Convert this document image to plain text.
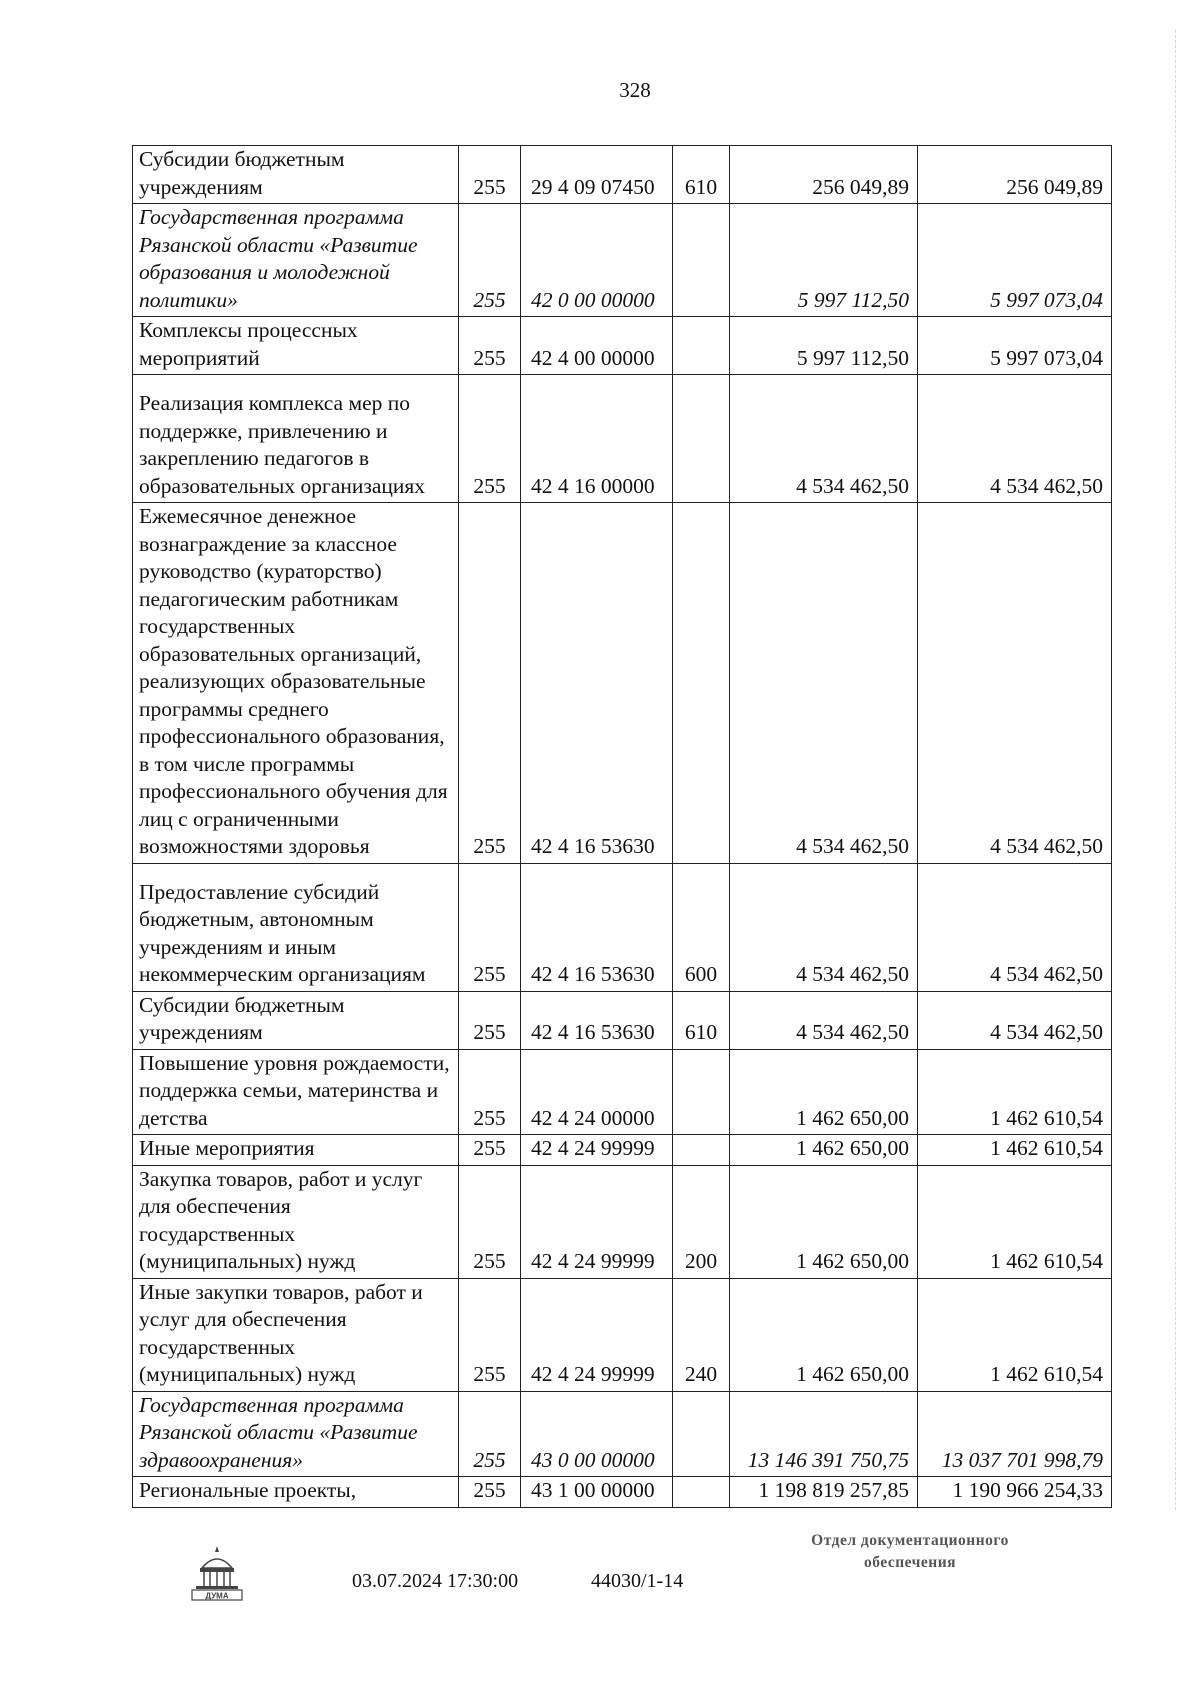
328
Субсидии бюджетным учреждениям	255	29 4 09 07450	610	256 049,89	256 049,89
Государственная программа Рязанской области «Развитие образования и молодежной политики»	255	42 0 00 00000		5 997 112,50	5 997 073,04
Комплексы процессных мероприятий	255	42 4 00 00000		5 997 112,50	5 997 073,04
Реализация комплекса мер по поддержке, привлечению и закреплению педагогов в образовательных организациях	255	42 4 16 00000		4 534 462,50	4 534 462,50
Ежемесячное денежное вознаграждение за классное руководство (кураторство) педагогическим работникам государственных образовательных организаций, реализующих образовательные программы среднего профессионального образования, в том числе программы профессионального обучения для лиц с ограниченными возможностями здоровья	255	42 4 16 53630		4 534 462,50	4 534 462,50
Предоставление субсидий бюджетным, автономным учреждениям и иным некоммерческим организациям	255	42 4 16 53630	600	4 534 462,50	4 534 462,50
Субсидии бюджетным учреждениям	255	42 4 16 53630	610	4 534 462,50	4 534 462,50
Повышение уровня рождаемости, поддержка семьи, материнства и детства	255	42 4 24 00000		1 462 650,00	1 462 610,54
Иные мероприятия	255	42 4 24 99999		1 462 650,00	1 462 610,54
Закупка товаров, работ и услуг для обеспечения государственных (муниципальных) нужд	255	42 4 24 99999	200	1 462 650,00	1 462 610,54
Иные закупки товаров, работ и услуг для обеспечения государственных (муниципальных) нужд	255	42 4 24 99999	240	1 462 650,00	1 462 610,54
Государственная программа Рязанской области «Развитие здравоохранения»	255	43 0 00 00000		13 146 391 750,75	13 037 701 998,79
Региональные проекты,	255	43 1 00 00000		1 198 819 257,85	1 190 966 254,33
ДУМА
03.07.2024 17:30:00	44030/1-14
Отдел документационного
обеспечения
